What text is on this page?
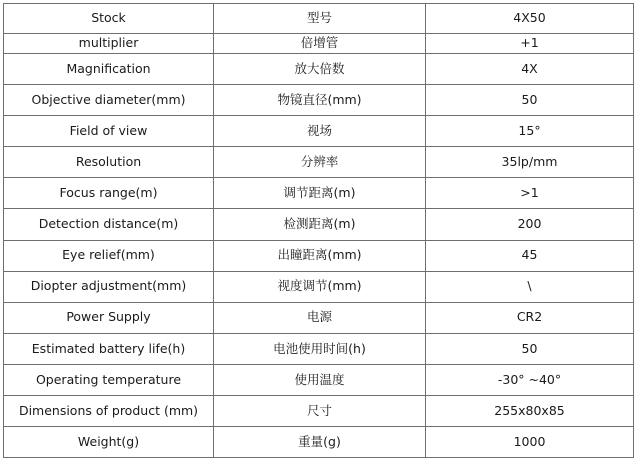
Stock	型号	4X50
multiplier	倍增管	+1
Magnification	放大倍数	4X
Objective diameter(mm)	物镜直径(mm)	50
Field of view	视场	15°
Resolution	分辨率	35lp/mm
Focus range(m)	调节距离(m)	>1
Detection distance(m)	检测距离(m)	200
Eye relief(mm)	出瞳距离(mm)	45
Diopter adjustment(mm)	视度调节(mm)	\
Power Supply	电源	CR2
Estimated battery life(h)	电池使用时间(h)	50
Operating temperature	使用温度	-30° ~40°
Dimensions of product (mm)	尺寸	255x80x85
Weight(g)	重量(g)	1000
